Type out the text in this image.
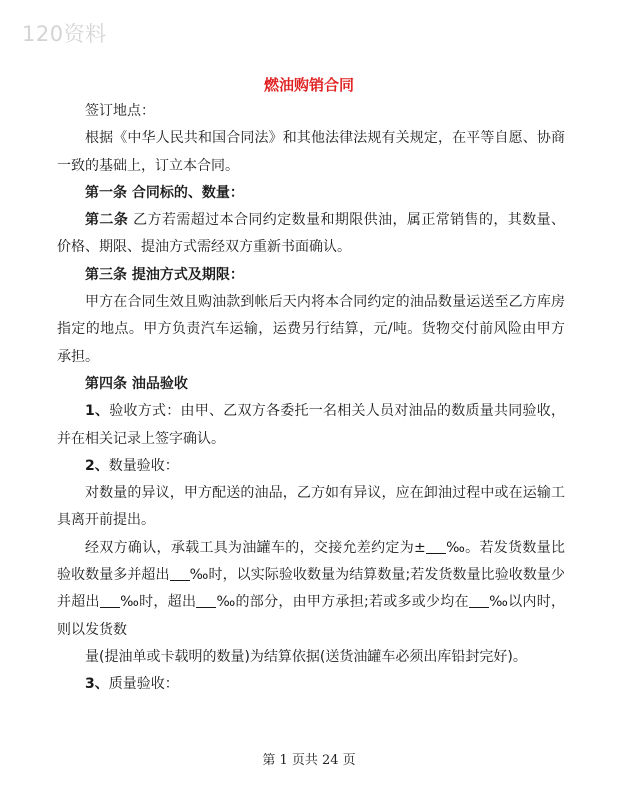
120资料
燃油购销合同

签订地点：

根据《中华人民共和国合同法》和其他法律法规有关规定，在平等自愿、协商一致的基础上，订立本合同。

第一条 合同标的、数量：

第二条 乙方若需超过本合同约定数量和期限供油，属正常销售的，其数量、价格、期限、提油方式需经双方重新书面确认。

第三条 提油方式及期限：

甲方在合同生效且购油款到帐后天内将本合同约定的油品数量运送至乙方库房指定的地点。甲方负责汽车运输，运费另行结算，元/吨。货物交付前风险由甲方承担。

第四条 油品验收

1、验收方式：由甲、乙双方各委托一名相关人员对油品的数质量共同验收，并在相关记录上签字确认。

2、数量验收：

对数量的异议，甲方配送的油品，乙方如有异议，应在卸油过程中或在运输工具离开前提出。

经双方确认，承载工具为油罐车的，交接允差约定为± ‰。若发货数量比验收数量多并超出 ‰时，以实际验收数量为结算数量;若发货数量比验收数量少并超出 ‰时，超出 ‰的部分，由甲方承担;若或多或少均在 ‰以内时，则以发货数

量(提油单或卡载明的数量)为结算依据(送货油罐车必须出库铅封完好)。

3、质量验收：

第 1 页共 24 页
